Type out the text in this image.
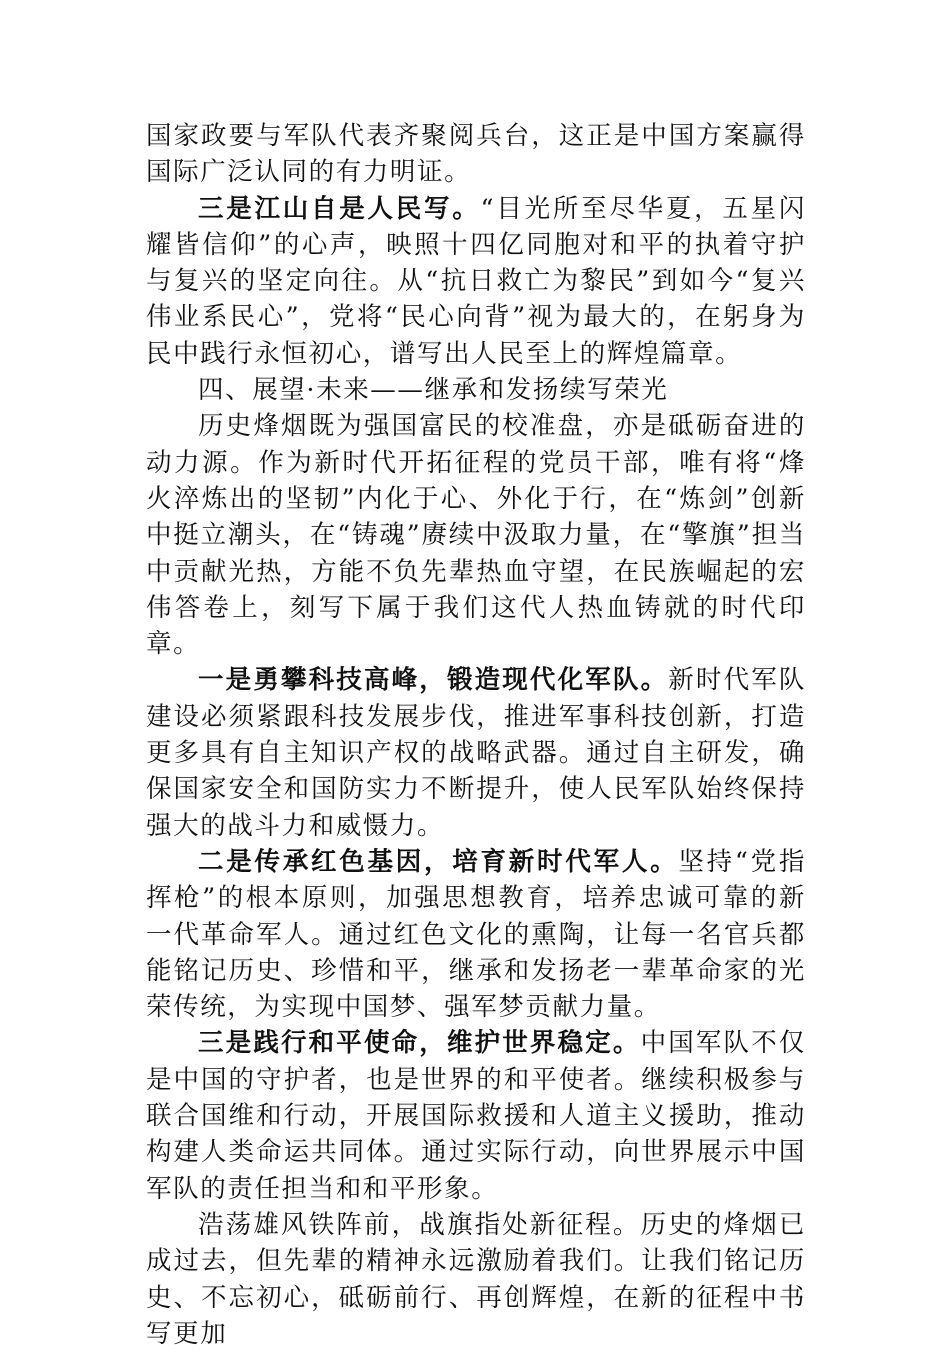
国家政要与军队代表齐聚阅兵台，这正是中国方案赢得国际广泛认同的有力明证。

三是江山自是人民写。“目光所至尽华夏，五星闪耀皆信仰”的心声，映照十四亿同胞对和平的执着守护与复兴的坚定向往。从“抗日救亡为黎民”到如今“复兴伟业系民心”，党将“民心向背”视为最大的，在躬身为民中践行永恒初心，谱写出人民至上的辉煌篇章。

四、展望·未来——继承和发扬续写荣光

历史烽烟既为强国富民的校准盘，亦是砥砺奋进的动力源。作为新时代开拓征程的党员干部，唯有将“烽火淬炼出的坚韧”内化于心、外化于行，在“炼剑”创新中挺立潮头，在“铸魂”赓续中汲取力量，在“擎旗”担当中贡献光热，方能不负先辈热血守望，在民族崛起的宏伟答卷上，刻写下属于我们这代人热血铸就的时代印章。

一是勇攀科技高峰，锻造现代化军队。新时代军队建设必须紧跟科技发展步伐，推进军事科技创新，打造更多具有自主知识产权的战略武器。通过自主研发，确保国家安全和国防实力不断提升，使人民军队始终保持强大的战斗力和威慑力。

二是传承红色基因，培育新时代军人。坚持“党指挥枪”的根本原则，加强思想教育，培养忠诚可靠的新一代革命军人。通过红色文化的熏陶，让每一名官兵都能铭记历史、珍惜和平，继承和发扬老一辈革命家的光荣传统，为实现中国梦、强军梦贡献力量。

三是践行和平使命，维护世界稳定。中国军队不仅是中国的守护者，也是世界的和平使者。继续积极参与联合国维和行动，开展国际救援和人道主义援助，推动构建人类命运共同体。通过实际行动，向世界展示中国军队的责任担当和和平形象。

浩荡雄风铁阵前，战旗指处新征程。历史的烽烟已成过去，但先辈的精神永远激励着我们。让我们铭记历史、不忘初心，砥砺前行、再创辉煌，在新的征程中书写更加
